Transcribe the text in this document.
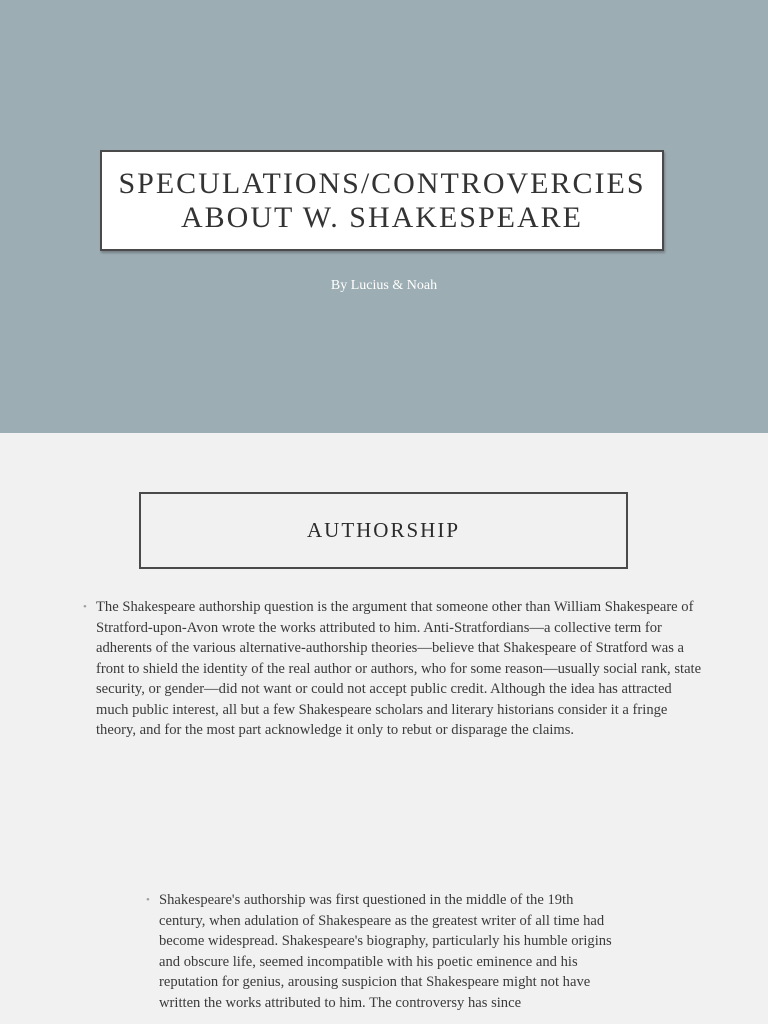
SPECULATIONS/CONTROVERCIES
ABOUT W. SHAKESPEARE
By Lucius & Noah
AUTHORSHIP
• The Shakespeare authorship question is the argument that someone other than William Shakespeare of Stratford-upon-Avon wrote the works attributed to him. Anti-Stratfordians—a collective term for adherents of the various alternative-authorship theories—believe that Shakespeare of Stratford was a front to shield the identity of the real author or authors, who for some reason—usually social rank, state security, or gender—did not want or could not accept public credit. Although the idea has attracted much public interest, all but a few Shakespeare scholars and literary historians consider it a fringe theory, and for the most part acknowledge it only to rebut or disparage the claims.
• Shakespeare's authorship was first questioned in the middle of the 19th century, when adulation of Shakespeare as the greatest writer of all time had become widespread. Shakespeare's biography, particularly his humble origins and obscure life, seemed incompatible with his poetic eminence and his reputation for genius, arousing suspicion that Shakespeare might not have written the works attributed to him. The controversy has since
